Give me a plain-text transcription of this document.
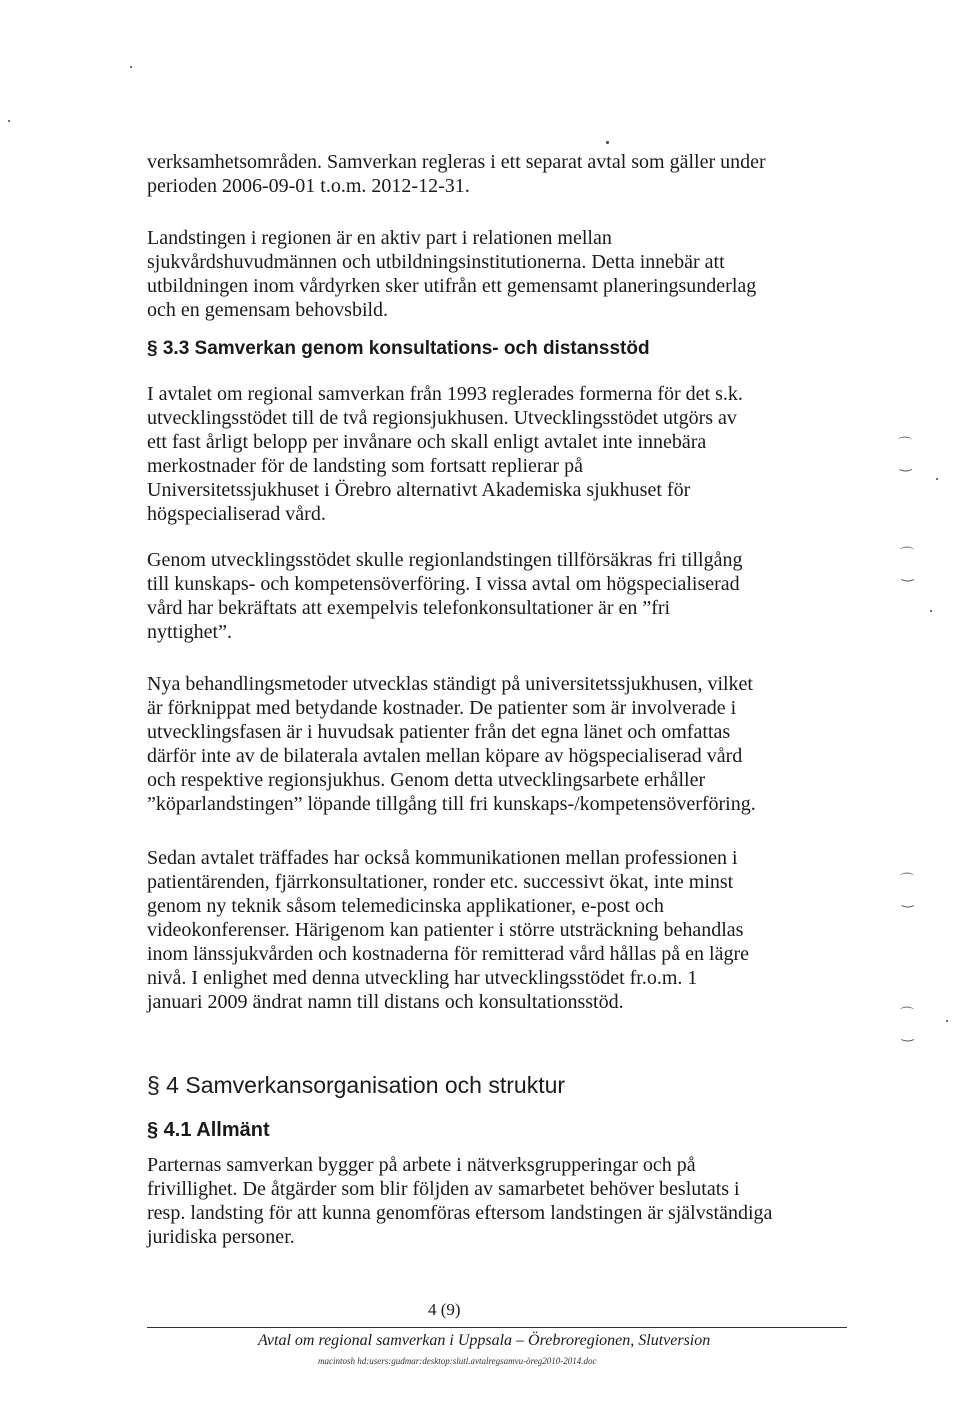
verksamhetsområden. Samverkan regleras i ett separat avtal som gäller under
perioden 2006-09-01 t.o.m. 2012-12-31.

Landstingen i regionen är en aktiv part i relationen mellan
sjukvårdshuvudmännen och utbildningsinstitutionerna. Detta innebär att
utbildningen inom vårdyrken sker utifrån ett gemensamt planeringsunderlag
och en gemensam behovsbild.

§ 3.3 Samverkan genom konsultations- och distansstöd

I avtalet om regional samverkan från 1993 reglerades formerna för det s.k.
utvecklingsstödet till de två regionsjukhusen. Utvecklingsstödet utgörs av
ett fast årligt belopp per invånare och skall enligt avtalet inte innebära
merkostnader för de landsting som fortsatt replierar på
Universitetssjukhuset i Örebro alternativt Akademiska sjukhuset för
högspecialiserad vård.

Genom utvecklingsstödet skulle regionlandstingen tillförsäkras fri tillgång
till kunskaps- och kompetensöverföring. I vissa avtal om högspecialiserad
vård har bekräftats att exempelvis telefonkonsultationer är en ”fri
nyttighet”.

Nya behandlingsmetoder utvecklas ständigt på universitetssjukhusen, vilket
är förknippat med betydande kostnader. De patienter som är involverade i
utvecklingsfasen är i huvudsak patienter från det egna länet och omfattas
därför inte av de bilaterala avtalen mellan köpare av högspecialiserad vård
och respektive regionsjukhus. Genom detta utvecklingsarbete erhåller
”köparlandstingen” löpande tillgång till fri kunskaps-/kompetensöverföring.

Sedan avtalet träffades har också kommunikationen mellan professionen i
patientärenden, fjärrkonsultationer, ronder etc. successivt ökat, inte minst
genom ny teknik såsom telemedicinska applikationer, e-post och
videokonferenser. Härigenom kan patienter i större utsträckning behandlas
inom länssjukvården och kostnaderna för remitterad vård hållas på en lägre
nivå. I enlighet med denna utveckling har utvecklingsstödet fr.o.m. 1
januari 2009 ändrat namn till distans och konsultationsstöd.

§ 4 Samverkansorganisation och struktur
§ 4.1 Allmänt

Parternas samverkan bygger på arbete i nätverksgrupperingar och på
frivillighet. De åtgärder som blir följden av samarbetet behöver beslutats i
resp. landsting för att kunna genomföras eftersom landstingen är självständiga
juridiska personer.

4 (9)
Avtal om regional samverkan i Uppsala – Örebroregionen, Slutversion
macintosh hd:users:gudmar:desktop:slutl.avtalregsamvu-öreg2010-2014.doc
⌒
‿
⌒
‿
⌒
‿
⌒
‿
